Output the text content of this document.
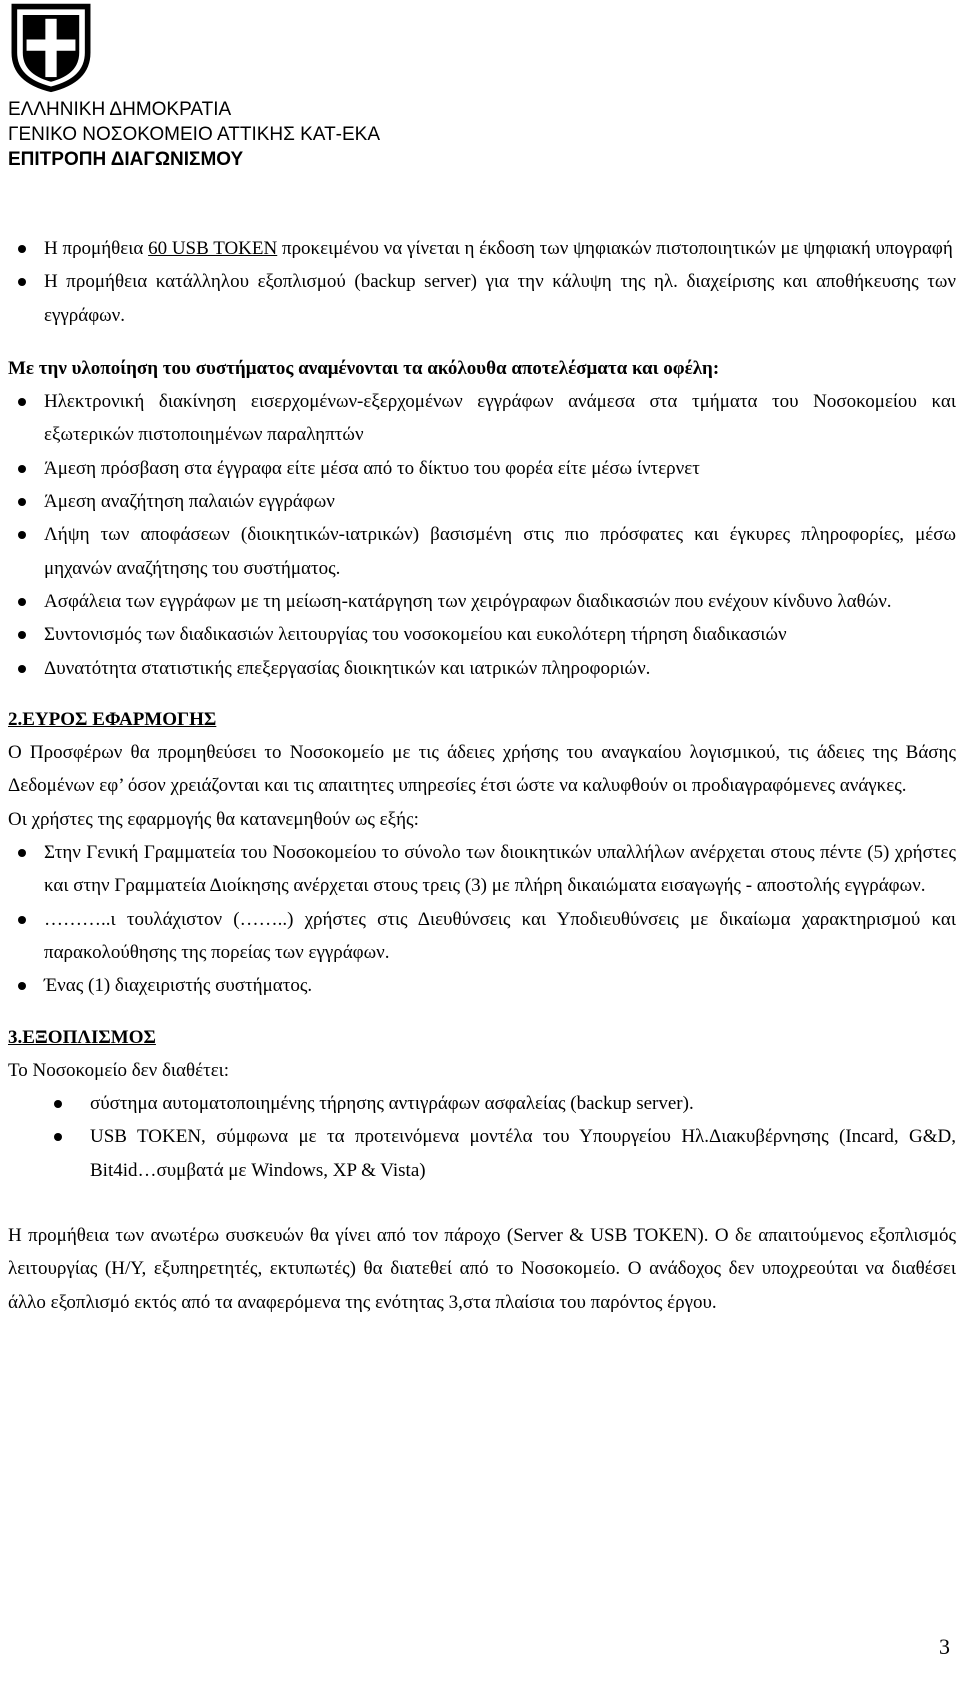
ΕΛΛΗΝΙΚΗ ΔΗΜΟΚΡΑΤΙΑ
ΓΕΝΙΚΟ ΝΟΣΟΚΟΜΕΙΟ ΑΤΤΙΚΗΣ ΚΑΤ-ΕΚΑ
ΕΠΙΤΡΟΠΗ ΔΙΑΓΩΝΙΣΜΟΥ
Η προμήθεια 60 USB TOKEN προκειμένου να γίνεται η έκδοση των ψηφιακών πιστοποιητικών με ψηφιακή υπογραφή
Η προμήθεια κατάλληλου εξοπλισμού (backup server) για την κάλυψη της ηλ. διαχείρισης και αποθήκευσης των εγγράφων.

Με την υλοποίηση του συστήματος αναμένονται τα ακόλουθα αποτελέσματα και οφέλη:

Ηλεκτρονική διακίνηση εισερχομένων-εξερχομένων εγγράφων ανάμεσα στα τμήματα του Νοσοκομείου και εξωτερικών πιστοποιημένων παραληπτών
Άμεση πρόσβαση στα έγγραφα είτε μέσα από το δίκτυο του φορέα είτε μέσω ίντερνετ
Άμεση αναζήτηση παλαιών εγγράφων
Λήψη των αποφάσεων (διοικητικών-ιατρικών) βασισμένη στις πιο πρόσφατες και έγκυρες πληροφορίες, μέσω μηχανών αναζήτησης του συστήματος.
Ασφάλεια των εγγράφων με τη μείωση-κατάργηση των χειρόγραφων διαδικασιών που ενέχουν κίνδυνο λαθών.
Συντονισμός των διαδικασιών λειτουργίας του νοσοκομείου και ευκολότερη τήρηση διαδικασιών
Δυνατότητα στατιστικής επεξεργασίας διοικητικών και ιατρικών πληροφοριών.

2.ΕΥΡΟΣ ΕΦΑΡΜΟΓΗΣ

Ο Προσφέρων θα προμηθεύσει το Νοσοκομείο με τις άδειες χρήσης του αναγκαίου λογισμικού, τις άδειες της Βάσης Δεδομένων εφ’ όσον χρειάζονται και τις απαιτητες υπηρεσίες έτσι ώστε να καλυφθούν οι προδιαγραφόμενες ανάγκες.

Οι χρήστες της εφαρμογής θα κατανεμηθούν ως εξής:

Στην Γενική Γραμματεία του Νοσοκομείου το σύνολο των διοικητικών υπαλλήλων ανέρχεται στους πέντε (5) χρήστες και στην Γραμματεία Διοίκησης ανέρχεται στους τρεις (3) με πλήρη δικαιώματα εισαγωγής - αποστολής εγγράφων.
………..ι τουλάχιστον (……..) χρήστες στις Διευθύνσεις και Υποδιευθύνσεις με δικαίωμα χαρακτηρισμού και παρακολούθησης της πορείας των εγγράφων.
Ένας (1) διαχειριστής συστήματος.

3.ΕΞΟΠΛΙΣΜΟΣ

Το Νοσοκομείο δεν διαθέτει:

σύστημα αυτοματοποιημένης τήρησης αντιγράφων ασφαλείας (backup server).
USB TOKEN, σύμφωνα με τα προτεινόμενα μοντέλα του Υπουργείου Ηλ.Διακυβέρνησης (Incard, G&D, Bit4id…συμβατά με Windows, XP & Vista)

Η προμήθεια των ανωτέρω συσκευών θα γίνει από τον πάροχο (Server & USB TOKEN). Ο δε απαιτούμενος εξοπλισμός λειτουργίας (Η/Υ, εξυπηρετητές, εκτυπωτές) θα διατεθεί από το Νοσοκομείο. Ο ανάδοχος δεν υποχρεούται να διαθέσει άλλο εξοπλισμό εκτός από τα αναφερόμενα της ενότητας 3,στα πλαίσια του παρόντος έργου.

3
